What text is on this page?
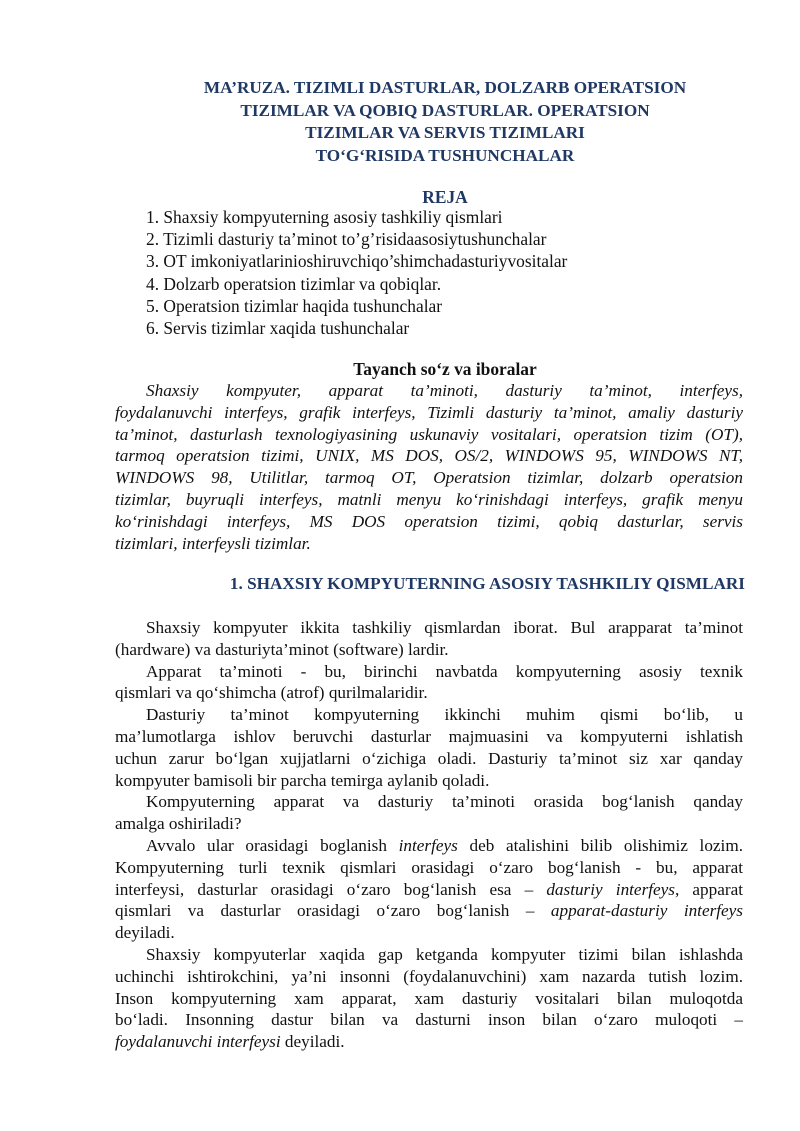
MA’RUZA. TIZIMLI DASTURLAR, DOLZARB OPERATSION
TIZIMLAR VA QOBIQ DASTURLAR. OPERATSION
TIZIMLAR VA SERVIS TIZIMLARI
TO‘G‘RISIDA TUSHUNCHALAR
REJA
1. Shaxsiy kompyuterning asosiy tashkiliy qismlari
2. Tizimli dasturiy ta’minot to’g’risidaasosiytushunchalar
3. OT imkoniyatlarinioshiruvchiqo’shimchadasturiyvositalar
4. Dolzarb operatsion tizimlar va qobiqlar.
5. Operatsion tizimlar haqida tushunchalar
6. Servis tizimlar xaqida tushunchalar
Tayanch so‘z va iboralar
Shaxsiy kompyuter, apparat ta’minoti, dasturiy ta’minot, interfeys,
foydalanuvchi interfeys, grafik interfeys, Tizimli dasturiy ta’minot, amaliy dasturiy
ta’minot, dasturlash texnologiyasining uskunaviy vositalari, operatsion tizim (OT),
tarmoq operatsion tizimi, UNIX, MS DOS, OS/2, WINDOWS 95, WINDOWS NT,
WINDOWS 98, Utilitlar, tarmoq OT, Operatsion tizimlar, dolzarb operatsion
tizimlar, buyruqli interfeys, matnli menyu ko‘rinishdagi interfeys, grafik menyu
ko‘rinishdagi interfeys, MS DOS operatsion tizimi, qobiq dasturlar, servis
tizimlari, interfeysli tizimlar.
1. SHAXSIY KOMPYUTERNING ASOSIY TASHKILIY QISMLARI
Shaxsiy kompyuter ikkita tashkiliy qismlardan iborat. Bul arapparat ta’minot
(hardware) va dasturiyta’minot (software) lardir.
Apparat ta’minoti - bu, birinchi navbatda kompyuterning asosiy texnik
qismlari va qo‘shimcha (atrof) qurilmalaridir.
Dasturiy ta’minot kompyuterning ikkinchi muhim qismi bo‘lib, u
ma’lumotlarga ishlov beruvchi dasturlar majmuasini va kompyuterni ishlatish
uchun zarur bo‘lgan xujjatlarni o‘zichiga oladi. Dasturiy ta’minot siz xar qanday
kompyuter bamisoli bir parcha temirga aylanib qoladi.
Kompyuterning apparat va dasturiy ta’minoti orasida bog‘lanish qanday
amalga oshiriladi?
Avvalo ular orasidagi boglanish interfeys deb atalishini bilib olishimiz lozim.
Kompyuterning turli texnik qismlari orasidagi o‘zaro bog‘lanish - bu, apparat
interfeysi, dasturlar orasidagi o‘zaro bog‘lanish esa – dasturiy interfeys, apparat
qismlari va dasturlar orasidagi o‘zaro bog‘lanish – apparat-dasturiy interfeys
deyiladi.
Shaxsiy kompyuterlar xaqida gap ketganda kompyuter tizimi bilan ishlashda
uchinchi ishtirokchini, ya’ni insonni (foydalanuvchini) xam nazarda tutish lozim.
Inson kompyuterning xam apparat, xam dasturiy vositalari bilan muloqotda
bo‘ladi. Insonning dastur bilan va dasturni inson bilan o‘zaro muloqoti –
foydalanuvchi interfeysi deyiladi.
